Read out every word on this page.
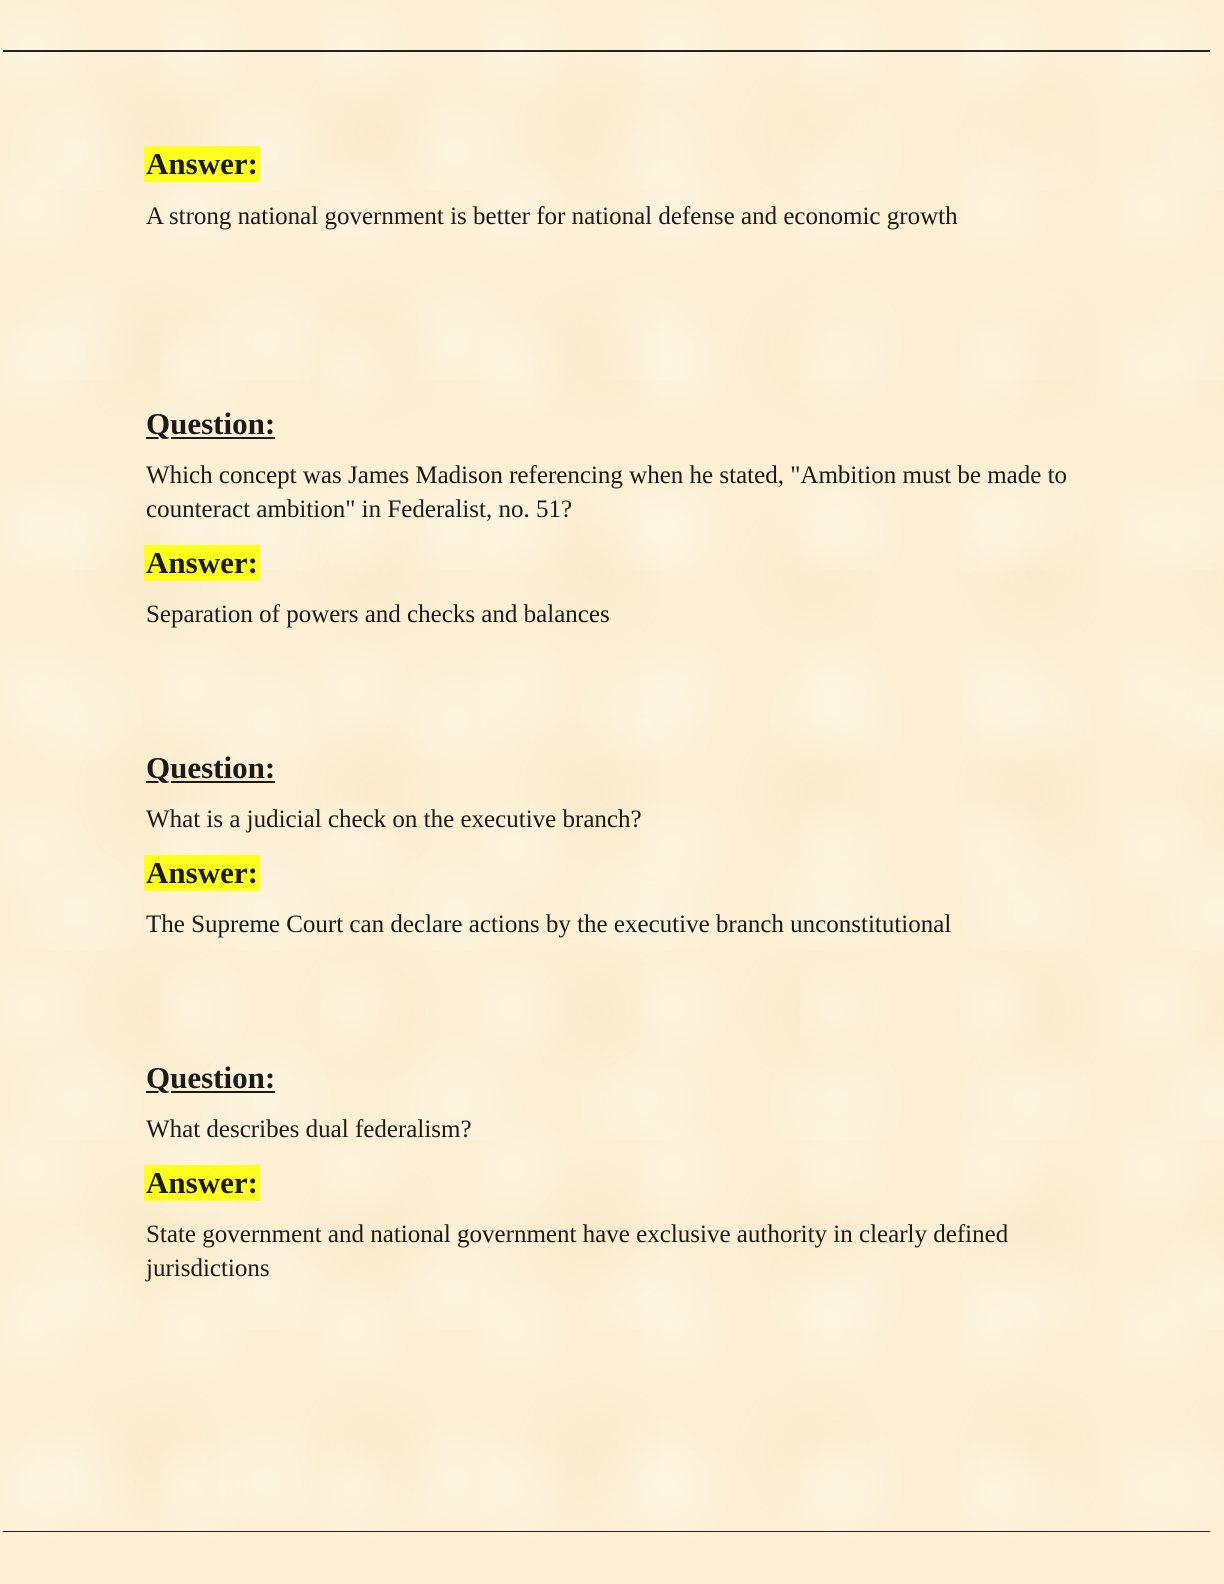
Answer:

A strong national government is better for national defense and economic growth

Question:

Which concept was James Madison referencing when he stated, "Ambition must be made to counteract ambition" in Federalist, no. 51?

Answer:

Separation of powers and checks and balances

Question:

What is a judicial check on the executive branch?

Answer:

The Supreme Court can declare actions by the executive branch unconstitutional

Question:

What describes dual federalism?

Answer:

State government and national government have exclusive authority in clearly defined jurisdictions
